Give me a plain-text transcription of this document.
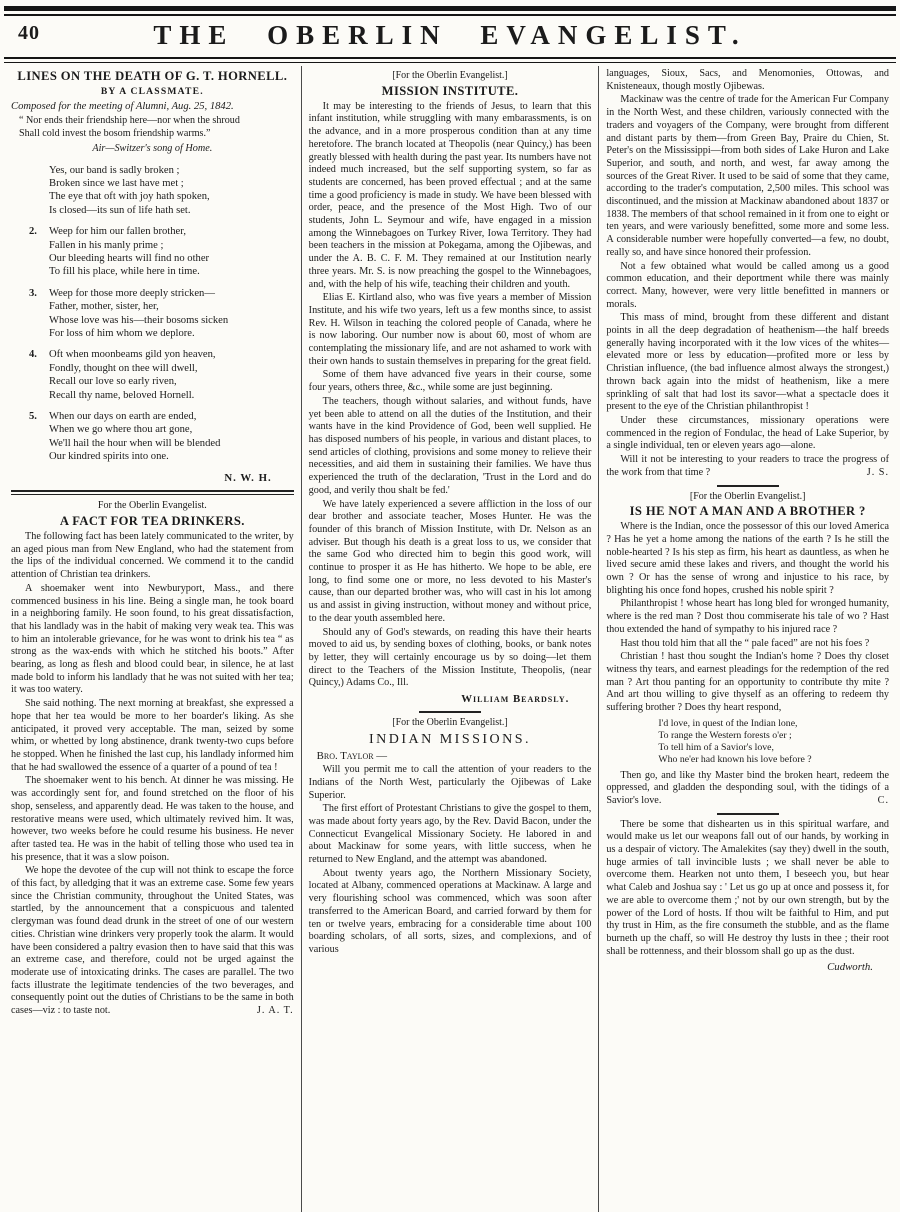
40	THE OBERLIN EVANGELIST.
LINES ON THE DEATH OF G. T. HORNELL.
BY A CLASSMATE.
Composed for the meeting of Alumni, Aug. 25, 1842.
“ Nor ends their friendship here—nor when the shroud
Shall cold invest the bosom friendship warms.”
Air—Switzer's song of Home.
Yes, our band is sadly broken ;
Broken since we last have met ;
The eye that oft with joy hath spoken,
Is closed—its sun of life hath set.
2. Weep for him our fallen brother,
Fallen in his manly prime ;
Our bleeding hearts will find no other
To fill his place, while here in time.
3. Weep for those more deeply stricken—
Father, mother, sister, her,
Whose love was his—their bosoms sicken
For loss of him whom we deplore.
4. Oft when moonbeams gild yon heaven,
Fondly, thought on thee will dwell,
Recall our love so early riven,
Recall thy name, beloved Hornell.
5. When our days on earth are ended,
When we go where thou art gone,
We'll hail the hour when will be blended
Our kindred spirits into one.
N. W. H.
For the Oberlin Evangelist.
A FACT FOR TEA DRINKERS.

The following fact has been lately communicated to the writer, by an aged pious man from New England, who had the statement from the lips of the individual concerned. We commend it to the candid attention of Christian tea drinkers.

A shoemaker went into Newburyport, Mass., and there commenced business in his line. Being a single man, he took board in a neighboring family. He soon found, to his great dissatisfaction, that his landlady was in the habit of making very weak tea. This was to him an intolerable grievance, for he was wont to drink his tea “ as strong as the wax-ends with which he stitched his boots.” After bearing, as long as flesh and blood could bear, in silence, he at last made bold to inform his landlady that he was not suited with her tea; it was too watery.

She said nothing. The next morning at breakfast, she expressed a hope that her tea would be more to her boarder's liking. As she anticipated, it proved very acceptable. The man, seized by some whim, or whetted by long abstinence, drank twenty-two cups before he stopped. When he finished the last cup, his landlady informed him that he had swallowed the essence of a quarter of a pound of tea !

The shoemaker went to his bench. At dinner he was missing. He was accordingly sent for, and found stretched on the floor of his shop, senseless, and apparently dead. He was taken to the house, and restorative means were used, which ultimately revived him. It was, however, two weeks before he could resume his business. He never after tasted tea. He was in the habit of telling those who used tea in his presence, that it was a slow poison.

We hope the devotee of the cup will not think to escape the force of this fact, by alledging that it was an extreme case. Some few years since the Christian community, throughout the United States, was startled, by the announcement that a conspicuous and talented clergyman was found dead drunk in the street of one of our western cities. Christian wine drinkers very properly took the alarm. It would have been considered a paltry evasion then to have said that this was an extreme case, and therefore, could not be urged against the moderate use of intoxicating drinks. The cases are parallel. The two facts illustrate the legitimate tendencies of the two beverages, and consequently point out the duties of Christians to be the same in both cases—viz : to taste not.	J. A. T.

[For the Oberlin Evangelist.]
MISSION INSTITUTE.

It may be interesting to the friends of Jesus, to learn that this infant institution, while struggling with many embarassments, is on the advance, and in a more prosperous condition than at any time heretofore. The branch located at Theopolis (near Quincy,) has been greatly blessed with health during the past year. Its numbers have not indeed much increased, but the self supporting system, so far as students are concerned, has been proved effectual ; and at the same time a good proficiency is made in study. We have been blessed with order, peace, and the presence of the Most High. Two of our students, John L. Seymour and wife, have engaged in a mission among the Winnebagoes on Turkey River, Iowa Territory. They had been teachers in the mission at Pokegama, among the Ojibewas, and under the A. B. C. F. M. They remained at our Institution nearly three years. Mr. S. is now preaching the gospel to the Winnebagoes, and, with the help of his wife, teaching their children and youth.

Elias E. Kirtland also, who was five years a member of Mission Institute, and his wife two years, left us a few months since, to assist Rev. H. Wilson in teaching the colored people of Canada, where he is now laboring. Our number now is about 60, most of whom are contemplating the missionary life, and are not ashamed to work with their own hands to sustain themselves in preparing for the great field.

Some of them have advanced five years in their course, some four years, others three, &c., while some are just beginning.

The teachers, though without salaries, and without funds, have yet been able to attend on all the duties of the Institution, and their wants have in the kind Providence of God, been well supplied. He has disposed numbers of his people, in various and distant places, to send articles of clothing, provisions and some money to relieve their necessities, and aid them in sustaining their families. We have thus experienced the truth of the declaration, 'Trust in the Lord and do good, and verily thou shalt be fed.'

We have lately experienced a severe affliction in the loss of our dear brother and associate teacher, Moses Hunter. He was the founder of this branch of Mission Institute, with Dr. Nelson as an adviser. But though his death is a great loss to us, we consider that the same God who directed him to begin this good work, will continue to prosper it as He has hitherto. We hope to be able, ere long, to find some one or more, no less devoted to his Master's cause, than our departed brother was, who will cast in his lot among us and assist in giving instruction, without money and without price, to the dear youth assembled here.

Should any of God's stewards, on reading this have their hearts moved to aid us, by sending boxes of clothing, books, or bank notes by letter, they will certainly encourage us by so doing—let them direct to the Teachers of the Mission Institute, Theopolis, (near Quincy,) Adams Co., Ill.

William Beardsly.
[For the Oberlin Evangelist.]
INDIAN MISSIONS.
Bro. Taylor —

Will you permit me to call the attention of your readers to the Indians of the North West, particularly the Ojibewas of Lake Superior.

The first effort of Protestant Christians to give the gospel to them, was made about forty years ago, by the Rev. David Bacon, under the Connecticut Evangelical Missionary Society. He labored in and about Mackinaw for some years, with little success, when he returned to New England, and the attempt was abandoned.

About twenty years ago, the Northern Missionary Society, located at Albany, commenced operations at Mackinaw. A large and very flourishing school was commenced, which was soon after transferred to the American Board, and carried forward by them for ten or twelve years, embracing for a considerable time about 100 boarding scholars, of all sorts, sizes, and complexions, and of various

languages, Sioux, Sacs, and Menomonies, Ottowas, and Knisteneaux, though mostly Ojibewas.

Mackinaw was the centre of trade for the American Fur Company in the North West, and these children, variously connected with the traders and voyagers of the Company, were brought from different and distant parts by them—from Green Bay, Praire du Chien, St. Peter's on the Mississippi—from both sides of Lake Huron and Lake Superior, and south, and north, and west, far away among the sources of the Great River. It used to be said of some that they came, according to the trader's computation, 2,500 miles. This school was discontinued, and the mission at Mackinaw abandoned about 1837 or 1838. The members of that school remained in it from one to eight or ten years, and were variously benefitted, some more and some less. A considerable number were hopefully converted—a few, no doubt, really so, and have since honored their profession.

Not a few obtained what would be called among us a good common education, and their deportment while there was mainly correct. Many, however, were very little benefitted in manners or morals.

This mass of mind, brought from these different and distant points in all the deep degradation of heathenism—the half breeds generally having incorporated with it the low vices of the whites—elevated more or less by education—profited more or less by Christian influence, (the bad influence almost always the strongest,) thrown back again into the midst of heathenism, like a mere sprinkling of salt that had lost its savor—what a spectacle does it present to the eye of the Christian philanthropist !

Under these circumstances, missionary operations were commenced in the region of Fondulac, the head of Lake Superior, by a single individual, ten or eleven years ago—alone.

Will it not be interesting to your readers to trace the progress of the work from that time ?	J. S.

[For the Oberlin Evangelist.]
IS HE NOT A MAN AND A BROTHER ?

Where is the Indian, once the possessor of this our loved America ? Has he yet a home among the nations of the earth ? Is he still the noble-hearted ? Is his step as firm, his heart as dauntless, as when he lived secure amid these lakes and rivers, and thought the world his own ? Or has the sense of wrong and injustice to his race, by blighting his once fond hopes, crushed his noble spirit ?

Philanthropist ! whose heart has long bled for wronged humanity, where is the red man ? Dost thou commiserate his tale of wo ? Hast thou extended the hand of sympathy to his injured race ?

Hast thou told him that all the “ pale faced” are not his foes ?

Christian ! hast thou sought the Indian's home ? Does thy closet witness thy tears, and earnest pleadings for the redemption of the red man ? Art thou panting for an opportunity to contribute thy mite ? And art thou willing to give thyself as an offering to redeem thy suffering brother ? Does thy heart respond,

I'd love, in quest of the Indian lone,
To range the Western forests o'er ;
To tell him of a Savior's love,
Who ne'er had known his love before ?

Then go, and like thy Master bind the broken heart, redeem the oppressed, and gladden the desponding soul, with the tidings of a Savior's love.	C.

There be some that dishearten us in this spiritual warfare, and would make us let our weapons fall out of our hands, by working in us a despair of victory. The Amalekites (say they) dwell in the south, huge armies of tall invincible lusts ; we shall never be able to overcome them. Hearken not unto them, I beseech you, but hear what Caleb and Joshua say : ' Let us go up at once and possess it, for we are able to overcome them ;' not by our own strength, but by the power of the Lord of hosts. If thou wilt be faithful to Him, and put thy trust in Him, as the fire consumeth the stubble, and as the flame burneth up the chaff, so will He destroy thy lusts in thee ; their root shall be rottenness, and their blossom shall go up as the dust.

Cudworth.
